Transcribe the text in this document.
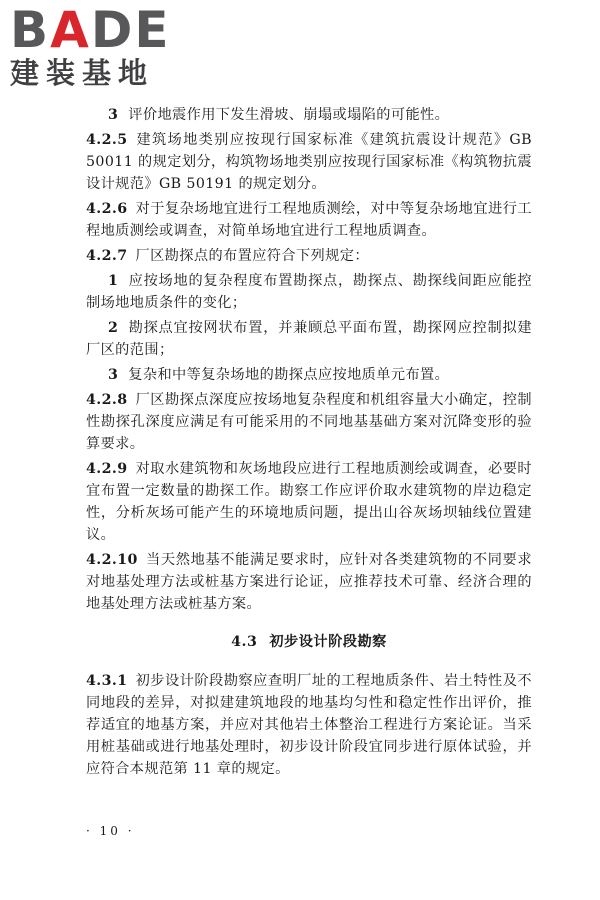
BADE
建装基地
3 评价地震作用下发生滑坡、崩塌或塌陷的可能性。
4.2.5 建筑场地类别应按现行国家标准《建筑抗震设计规范》GB 50011 的规定划分，构筑物场地类别应按现行国家标准《构筑物抗震设计规范》GB 50191 的规定划分。
4.2.6 对于复杂场地宜进行工程地质测绘，对中等复杂场地宜进行工程地质测绘或调查，对简单场地宜进行工程地质调查。
4.2.7 厂区勘探点的布置应符合下列规定：
1 应按场地的复杂程度布置勘探点，勘探点、勘探线间距应能控制场地地质条件的变化；
2 勘探点宜按网状布置，并兼顾总平面布置，勘探网应控制拟建厂区的范围；
3 复杂和中等复杂场地的勘探点应按地质单元布置。
4.2.8 厂区勘探点深度应按场地复杂程度和机组容量大小确定，控制性勘探孔深度应满足有可能采用的不同地基基础方案对沉降变形的验算要求。
4.2.9 对取水建筑物和灰场地段应进行工程地质测绘或调查，必要时宜布置一定数量的勘探工作。勘察工作应评价取水建筑物的岸边稳定性，分析灰场可能产生的环境地质问题，提出山谷灰场坝轴线位置建议。
4.2.10 当天然地基不能满足要求时，应针对各类建筑物的不同要求对地基处理方法或桩基方案进行论证，应推荐技术可靠、经济合理的地基处理方法或桩基方案。
4.3 初步设计阶段勘察
4.3.1 初步设计阶段勘察应查明厂址的工程地质条件、岩土特性及不同地段的差异，对拟建建筑地段的地基均匀性和稳定性作出评价，推荐适宜的地基方案，并应对其他岩土体整治工程进行方案论证。当采用桩基础或进行地基处理时，初步设计阶段宜同步进行原体试验，并应符合本规范第 11 章的规定。
· 10 ·
